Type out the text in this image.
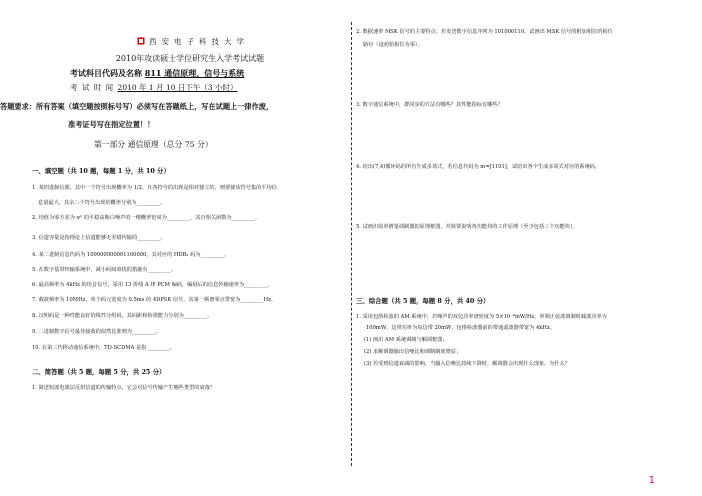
西安电子科技大学
2010年攻读硕士学位研究生入学考试试题
考试科目代码及名称 811 通信原理、信号与系统
考 试 时 间 2010 年 1 月 10 日下午（3 小时）
答题要求：所有答案（填空题按照标号写）必须写在答题纸上，写在试题上一律作废，
准考证号写在指定位置！！
第一部分 通信原理（总分 75 分）
一、填空题（共 10 题，每题 1 分，共 10 分）
1. 某四进制信源，其中一个符号出现概率为 1/2，且各符号的出现是相对独立的，则要使该符号集的平均信
息量最大，其余三个符号出现的概率分别为_________。
2. 均值为零方差为 σ² 的平稳高斯白噪声的一维概率密度为_________，其自相关函数为_________。
3. 信道容量是指理论上信道能够无差错传输的_________。
4. 某二进制信息代码为 100000000001100000，其对应的 HDB₃ 码为_________。
5. 在数字基带传输系统中，减小码间串扰的措施有_________。
6. 最高频率为 4kHz 的语音信号，采用 13 折线 A 律 PCM 编码，编码后的信息传输速率为_________。
7. 载波频率为 10MHz，单个码元宽度为 0.5ms 的 4DPSK 信号，其第一频谱零点带宽为_________Hz。
8. 汉明码是一种性能良好的线性分组码，其码距和检错能力分别为_________。
9. 二进制数字信号最佳接收的似然比准则为_________。
10. 在第三代移动通信系统中，TD-SCDMA 是指_________。
二、简答题（共 5 题，每题 5 分，共 25 分）
1. 简述短波电离层反射信道的传输特点，它会对信号传输产生哪些类型的衰落？
2. 数据速率 MSK 信号的主要特点；若发送数字信息序列为 101000110，试画出 MSK 信号的附加相位的相位
路径（设初始相位为零）。
3. 数字通信系统中，群同步的方法有哪些？其性能指标有哪些？
4. 给出(7,4)循环码的所有生成多项式，若信息代码为 m=[1101]，试给出各个生成多项式对应的系统码。
5. 试画出简单增量调制器的原理框图，并简要说明各功能块的工作原理（至少包括三个功能块）。
三、综合题（共 5 题，每题 8 分，共 40 分）
1. 采用包络检波的 AM 系统中，若噪声的双边功率谱密度为 5×10⁻⁸mW/Hz，单频正弦波调制时载波功率为
100mW，边带功率为每边带 20mW，包络检波器前的带通滤波器带宽为 4kHz。
(1) 画出 AM 系统调制与解调框图；
(2) 求解调器输出信噪比和调制制度增益；
(3) 若受到信道衰减的影响，当输入信噪比持续下降时，解调器会出现什么现象，为什么？
1
